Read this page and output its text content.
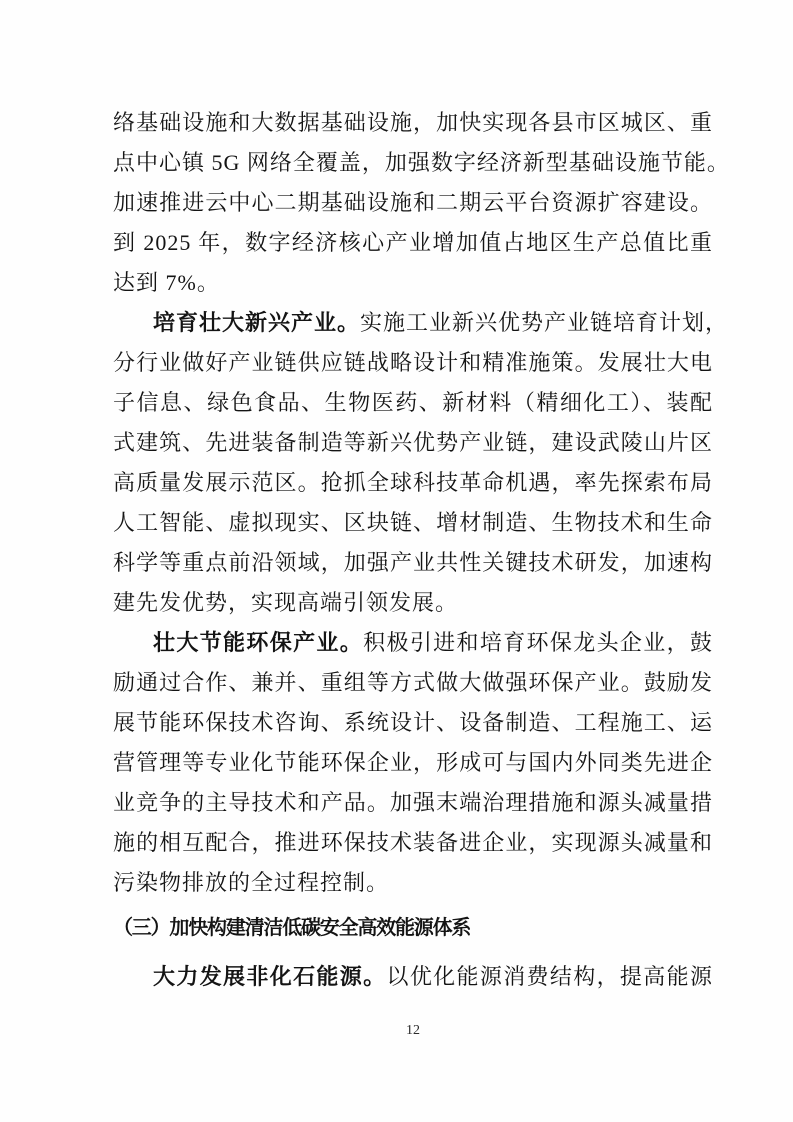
络基础设施和大数据基础设施，加快实现各县市区城区、重
点中心镇 5G 网络全覆盖，加强数字经济新型基础设施节能。
加速推进云中心二期基础设施和二期云平台资源扩容建设。
到 2025 年，数字经济核心产业增加值占地区生产总值比重
达到 7%。
培育壮大新兴产业。实施工业新兴优势产业链培育计划，
分行业做好产业链供应链战略设计和精准施策。发展壮大电
子信息、绿色食品、生物医药、新材料（精细化工）、装配
式建筑、先进装备制造等新兴优势产业链，建设武陵山片区
高质量发展示范区。抢抓全球科技革命机遇，率先探索布局
人工智能、虚拟现实、区块链、增材制造、生物技术和生命
科学等重点前沿领域，加强产业共性关键技术研发，加速构
建先发优势，实现高端引领发展。
壮大节能环保产业。积极引进和培育环保龙头企业，鼓
励通过合作、兼并、重组等方式做大做强环保产业。鼓励发
展节能环保技术咨询、系统设计、设备制造、工程施工、运
营管理等专业化节能环保企业，形成可与国内外同类先进企
业竞争的主导技术和产品。加强末端治理措施和源头减量措
施的相互配合，推进环保技术装备进企业，实现源头减量和
污染物排放的全过程控制。
（三）加快构建清洁低碳安全高效能源体系
大力发展非化石能源。以优化能源消费结构，提高能源
12
